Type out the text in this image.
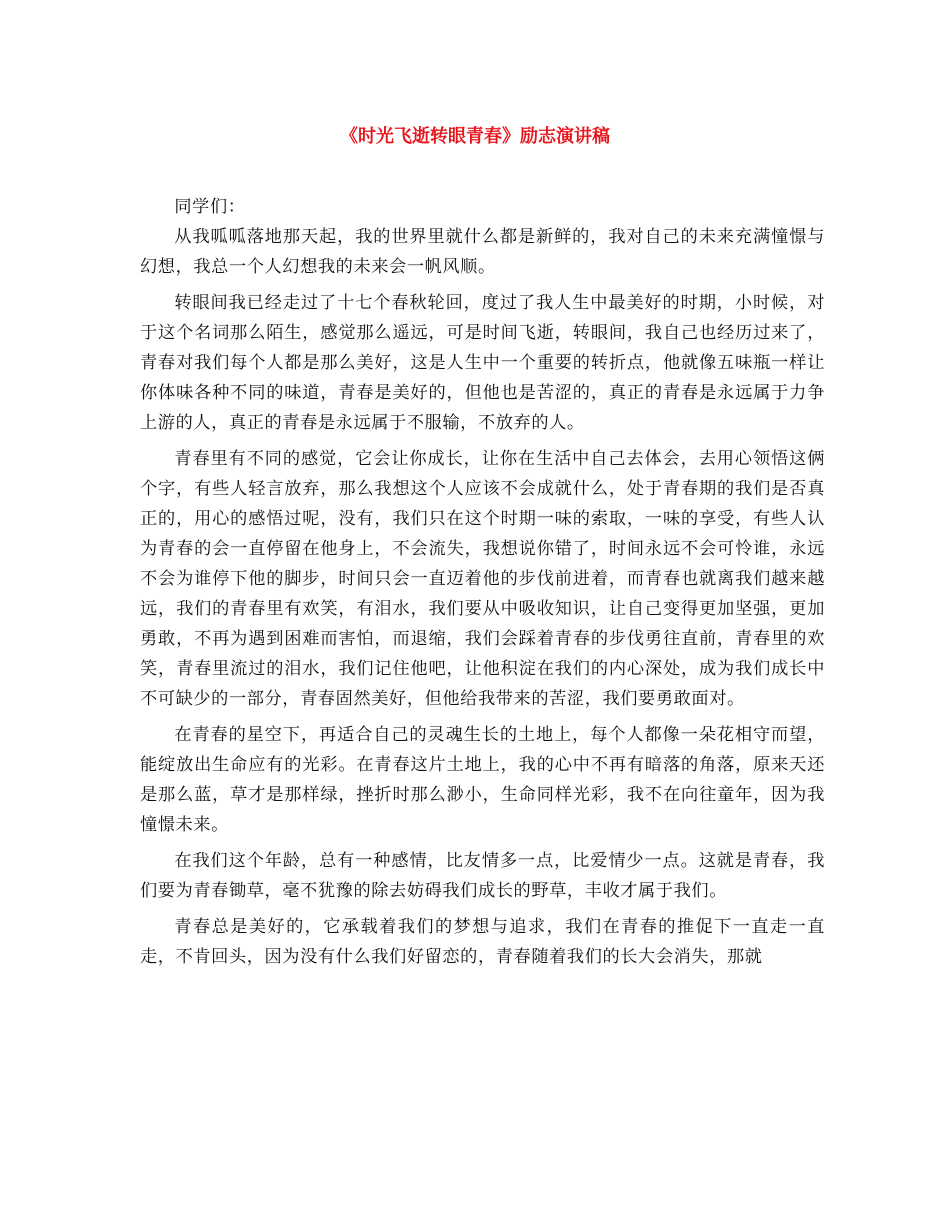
《时光飞逝转眼青春》励志演讲稿

同学们：

从我呱呱落地那天起，我的世界里就什么都是新鲜的，我对自己的未来充满憧憬与幻想，我总一个人幻想我的未来会一帆风顺。

转眼间我已经走过了十七个春秋轮回，度过了我人生中最美好的时期，小时候，对于这个名词那么陌生，感觉那么遥远，可是时间飞逝，转眼间，我自己也经历过来了，青春对我们每个人都是那么美好，这是人生中一个重要的转折点，他就像五味瓶一样让你体味各种不同的味道，青春是美好的，但他也是苦涩的，真正的青春是永远属于力争上游的人，真正的青春是永远属于不服输，不放弃的人。

青春里有不同的感觉，它会让你成长，让你在生活中自己去体会，去用心领悟这俩个字，有些人轻言放弃，那么我想这个人应该不会成就什么，处于青春期的我们是否真正的，用心的感悟过呢，没有，我们只在这个时期一味的索取，一味的享受，有些人认为青春的会一直停留在他身上，不会流失，我想说你错了，时间永远不会可怜谁，永远不会为谁停下他的脚步，时间只会一直迈着他的步伐前进着，而青春也就离我们越来越远，我们的青春里有欢笑，有泪水，我们要从中吸收知识，让自己变得更加坚强，更加勇敢，不再为遇到困难而害怕，而退缩，我们会踩着青春的步伐勇往直前，青春里的欢笑，青春里流过的泪水，我们记住他吧，让他积淀在我们的内心深处，成为我们成长中不可缺少的一部分，青春固然美好，但他给我带来的苦涩，我们要勇敢面对。

在青春的星空下，再适合自己的灵魂生长的土地上，每个人都像一朵花相守而望，能绽放出生命应有的光彩。在青春这片土地上，我的心中不再有暗落的角落，原来天还是那么蓝，草才是那样绿，挫折时那么渺小，生命同样光彩，我不在向往童年，因为我憧憬未来。

在我们这个年龄，总有一种感情，比友情多一点，比爱情少一点。这就是青春，我们要为青春锄草，毫不犹豫的除去妨碍我们成长的野草，丰收才属于我们。

青春总是美好的，它承载着我们的梦想与追求，我们在青春的推促下一直走一直走，不肯回头，因为没有什么我们好留恋的，青春随着我们的长大会消失，那就
